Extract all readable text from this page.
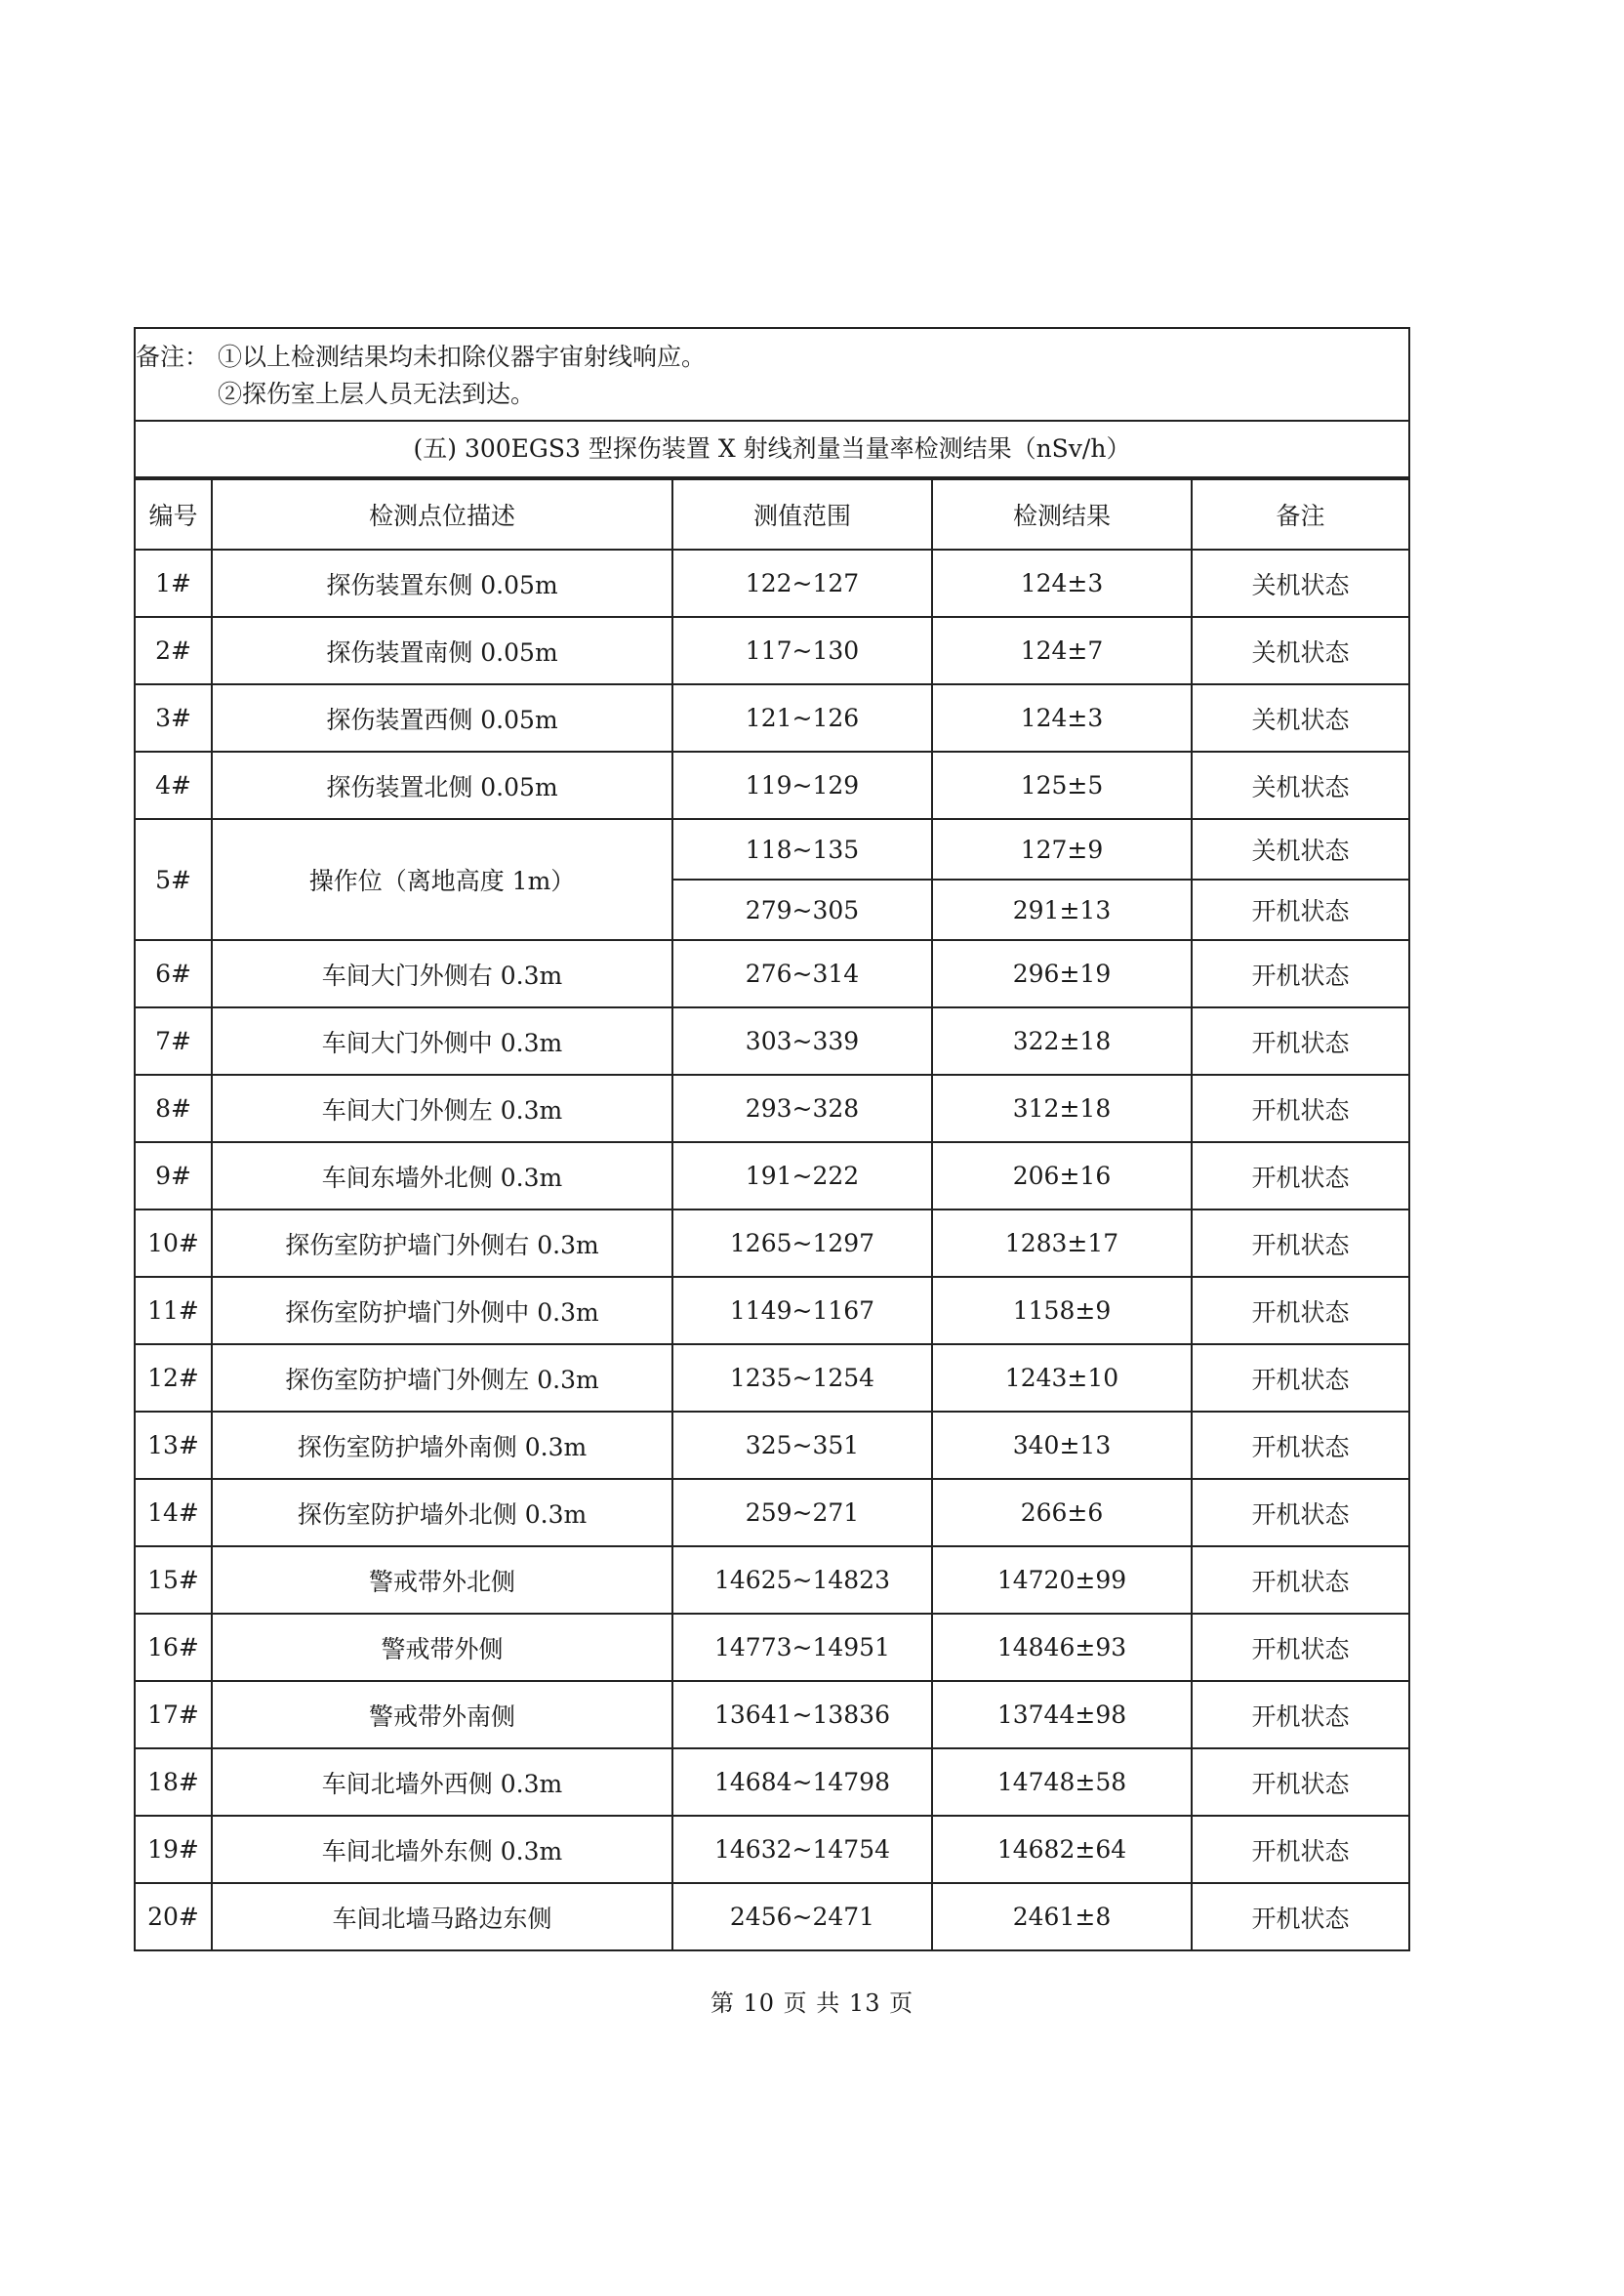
备注： ①以上检测结果均未扣除仪器宇宙射线响应。
②探伤室上层人员无法到达。
(五) 300EGS3 型探伤装置 X 射线剂量当量率检测结果（nSv/h）
编号	检测点位描述	测值范围	检测结果	备注
1#	探伤装置东侧 0.05m	122~127	124±3	关机状态
2#	探伤装置南侧 0.05m	117~130	124±7	关机状态
3#	探伤装置西侧 0.05m	121~126	124±3	关机状态
4#	探伤装置北侧 0.05m	119~129	125±5	关机状态
5#	操作位（离地高度 1m）	118~135	127±9	关机状态
		279~305	291±13	开机状态
6#	车间大门外侧右 0.3m	276~314	296±19	开机状态
7#	车间大门外侧中 0.3m	303~339	322±18	开机状态
8#	车间大门外侧左 0.3m	293~328	312±18	开机状态
9#	车间东墙外北侧 0.3m	191~222	206±16	开机状态
10#	探伤室防护墙门外侧右 0.3m	1265~1297	1283±17	开机状态
11#	探伤室防护墙门外侧中 0.3m	1149~1167	1158±9	开机状态
12#	探伤室防护墙门外侧左 0.3m	1235~1254	1243±10	开机状态
13#	探伤室防护墙外南侧 0.3m	325~351	340±13	开机状态
14#	探伤室防护墙外北侧 0.3m	259~271	266±6	开机状态
15#	警戒带外北侧	14625~14823	14720±99	开机状态
16#	警戒带外侧	14773~14951	14846±93	开机状态
17#	警戒带外南侧	13641~13836	13744±98	开机状态
18#	车间北墙外西侧 0.3m	14684~14798	14748±58	开机状态
19#	车间北墙外东侧 0.3m	14632~14754	14682±64	开机状态
20#	车间北墙马路边东侧	2456~2471	2461±8	开机状态
第 10 页 共 13 页
